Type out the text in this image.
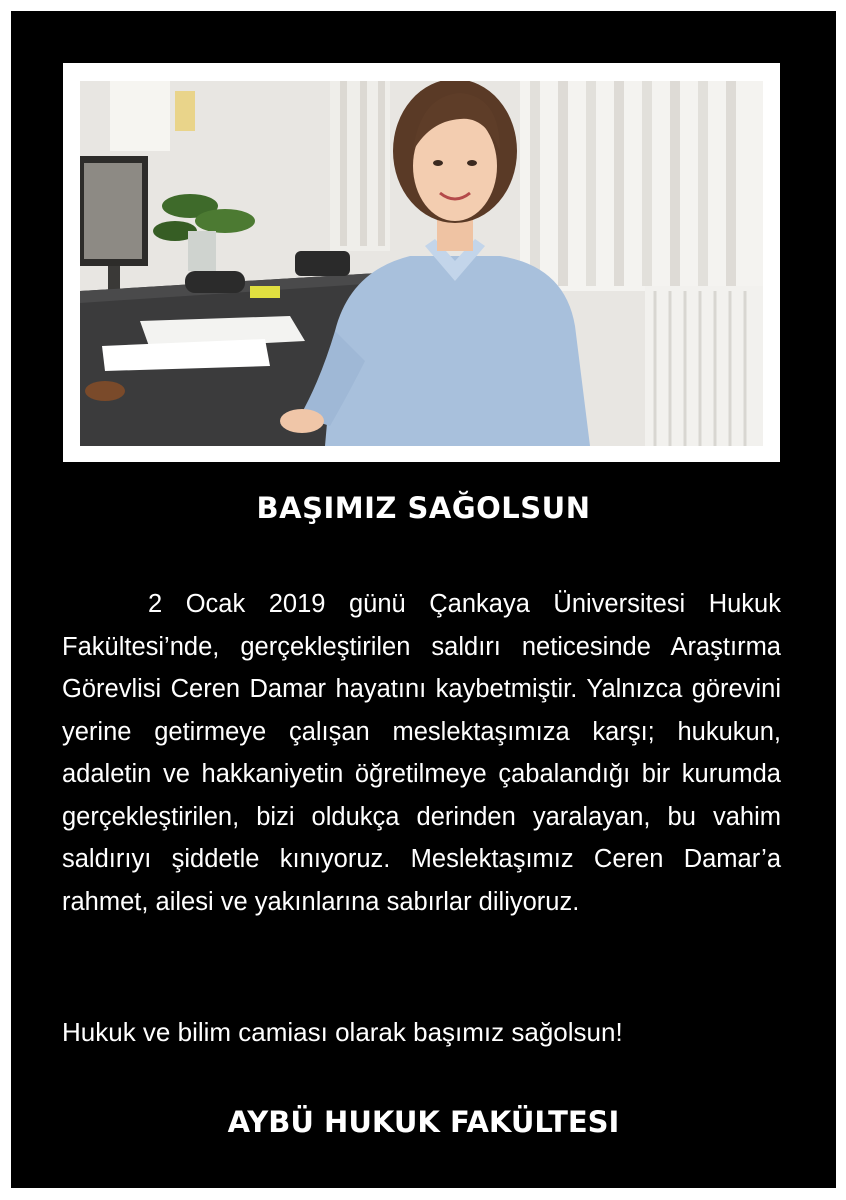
BAŞIMIZ SAĞOLSUN

2 Ocak 2019 günü Çankaya Üniversitesi Hukuk Fakültesi’nde, gerçekleştirilen saldırı neticesinde Araştırma Görevlisi Ceren Damar hayatını kaybetmiştir. Yalnızca görevini yerine getirmeye çalışan meslektaşımıza karşı; hukukun, adaletin ve hakkaniyetin öğretilmeye çabalandığı bir kurumda gerçekleştirilen, bizi oldukça derinden yaralayan, bu vahim saldırıyı şiddetle kınıyoruz. Meslektaşımız Ceren Damar’a rahmet, ailesi ve yakınlarına sabırlar diliyoruz.

Hukuk ve bilim camiası olarak başımız sağolsun!

AYBÜ HUKUK FAKÜLTESI
